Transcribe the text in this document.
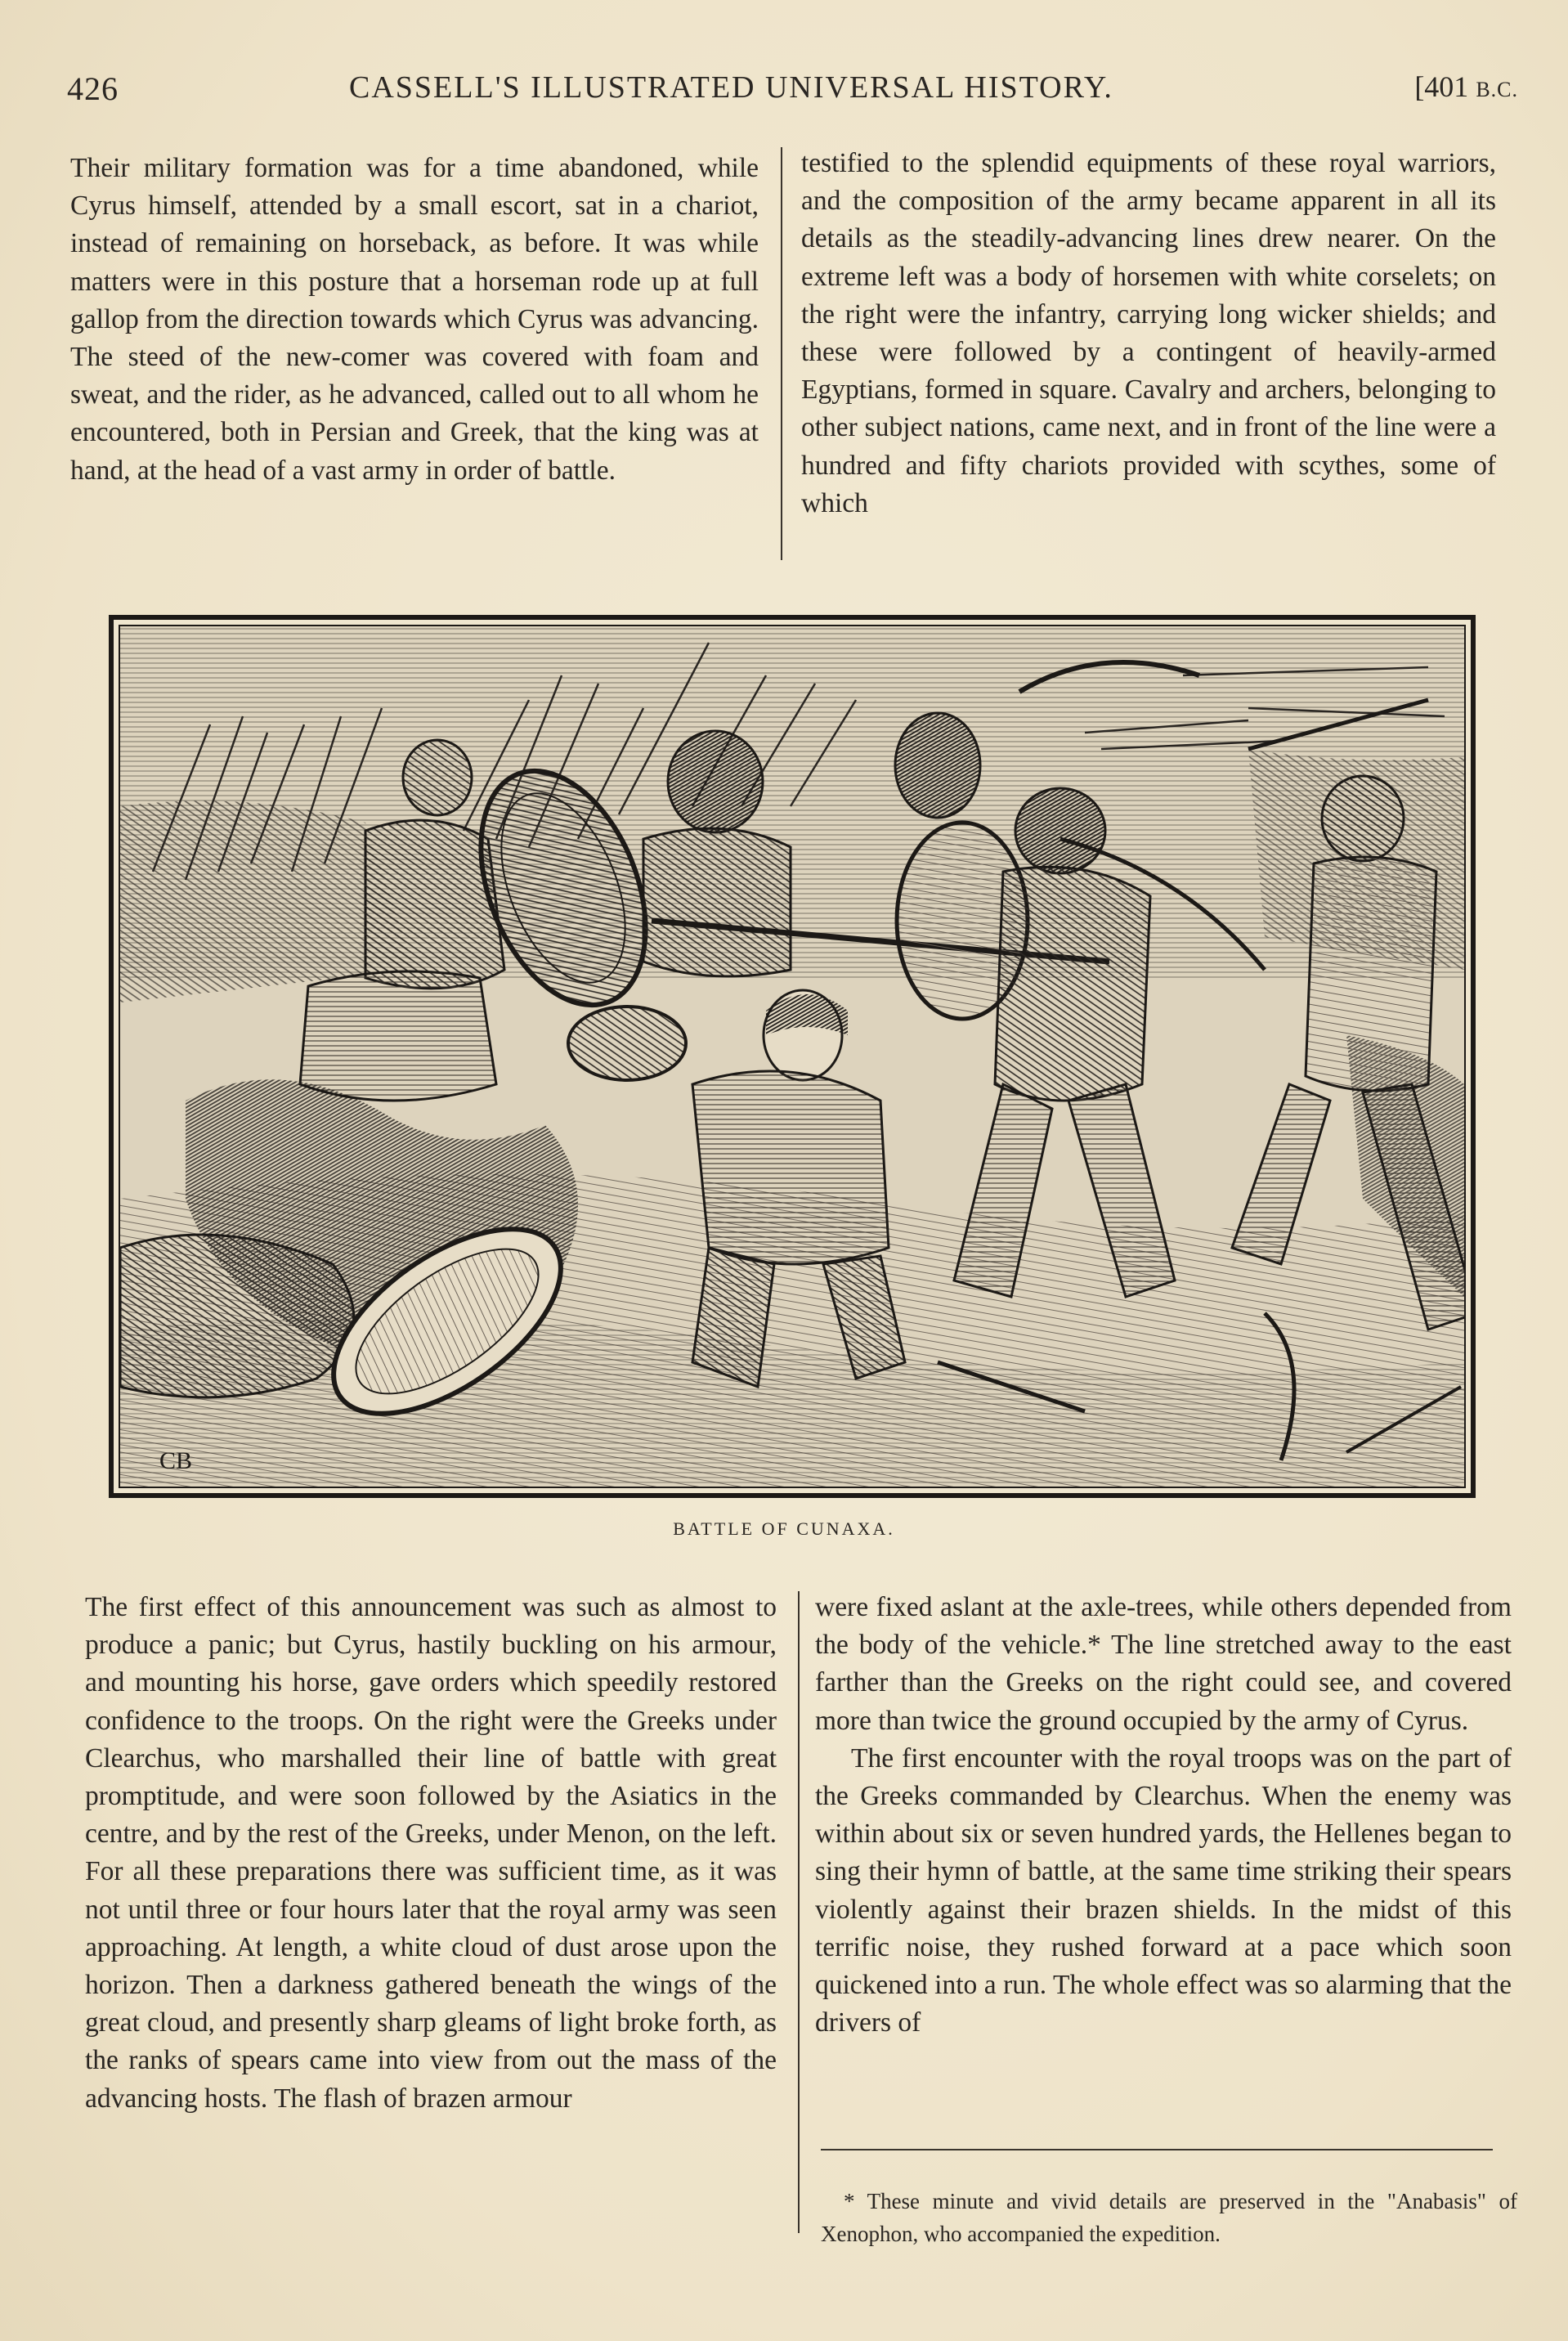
426	CASSELL'S ILLUSTRATED UNIVERSAL HISTORY.	[401 B.C.

Their military formation was for a time abandoned, while Cyrus himself, attended by a small escort, sat in a chariot, instead of remaining on horseback, as before. It was while matters were in this posture that a horseman rode up at full gallop from the direction towards which Cyrus was advancing. The steed of the new-comer was covered with foam and sweat, and the rider, as he advanced, called out to all whom he encountered, both in Persian and Greek, that the king was at hand, at the head of a vast army in order of battle.

testified to the splendid equipments of these royal warriors, and the composition of the army became apparent in all its details as the steadily-advancing lines drew nearer. On the extreme left was a body of horsemen with white corselets; on the right were the infantry, carrying long wicker shields; and these were followed by a contingent of heavily-armed Egyptians, formed in square. Cavalry and archers, belonging to other subject nations, came next, and in front of the line were a hundred and fifty chariots provided with scythes, some of which

CB
BATTLE OF CUNAXA.

The first effect of this announcement was such as almost to produce a panic; but Cyrus, hastily buckling on his armour, and mounting his horse, gave orders which speedily restored confidence to the troops. On the right were the Greeks under Clearchus, who marshalled their line of battle with great promptitude, and were soon followed by the Asiatics in the centre, and by the rest of the Greeks, under Menon, on the left. For all these preparations there was sufficient time, as it was not until three or four hours later that the royal army was seen approaching. At length, a white cloud of dust arose upon the horizon. Then a darkness gathered beneath the wings of the great cloud, and presently sharp gleams of light broke forth, as the ranks of spears came into view from out the mass of the advancing hosts. The flash of brazen armour

were fixed aslant at the axle-trees, while others depended from the body of the vehicle.* The line stretched away to the east farther than the Greeks on the right could see, and covered more than twice the ground occupied by the army of Cyrus.

The first encounter with the royal troops was on the part of the Greeks commanded by Clearchus. When the enemy was within about six or seven hundred yards, the Hellenes began to sing their hymn of battle, at the same time striking their spears violently against their brazen shields. In the midst of this terrific noise, they rushed forward at a pace which soon quickened into a run. The whole effect was so alarming that the drivers of

* These minute and vivid details are preserved in the "Anabasis" of Xenophon, who accompanied the expedition.
